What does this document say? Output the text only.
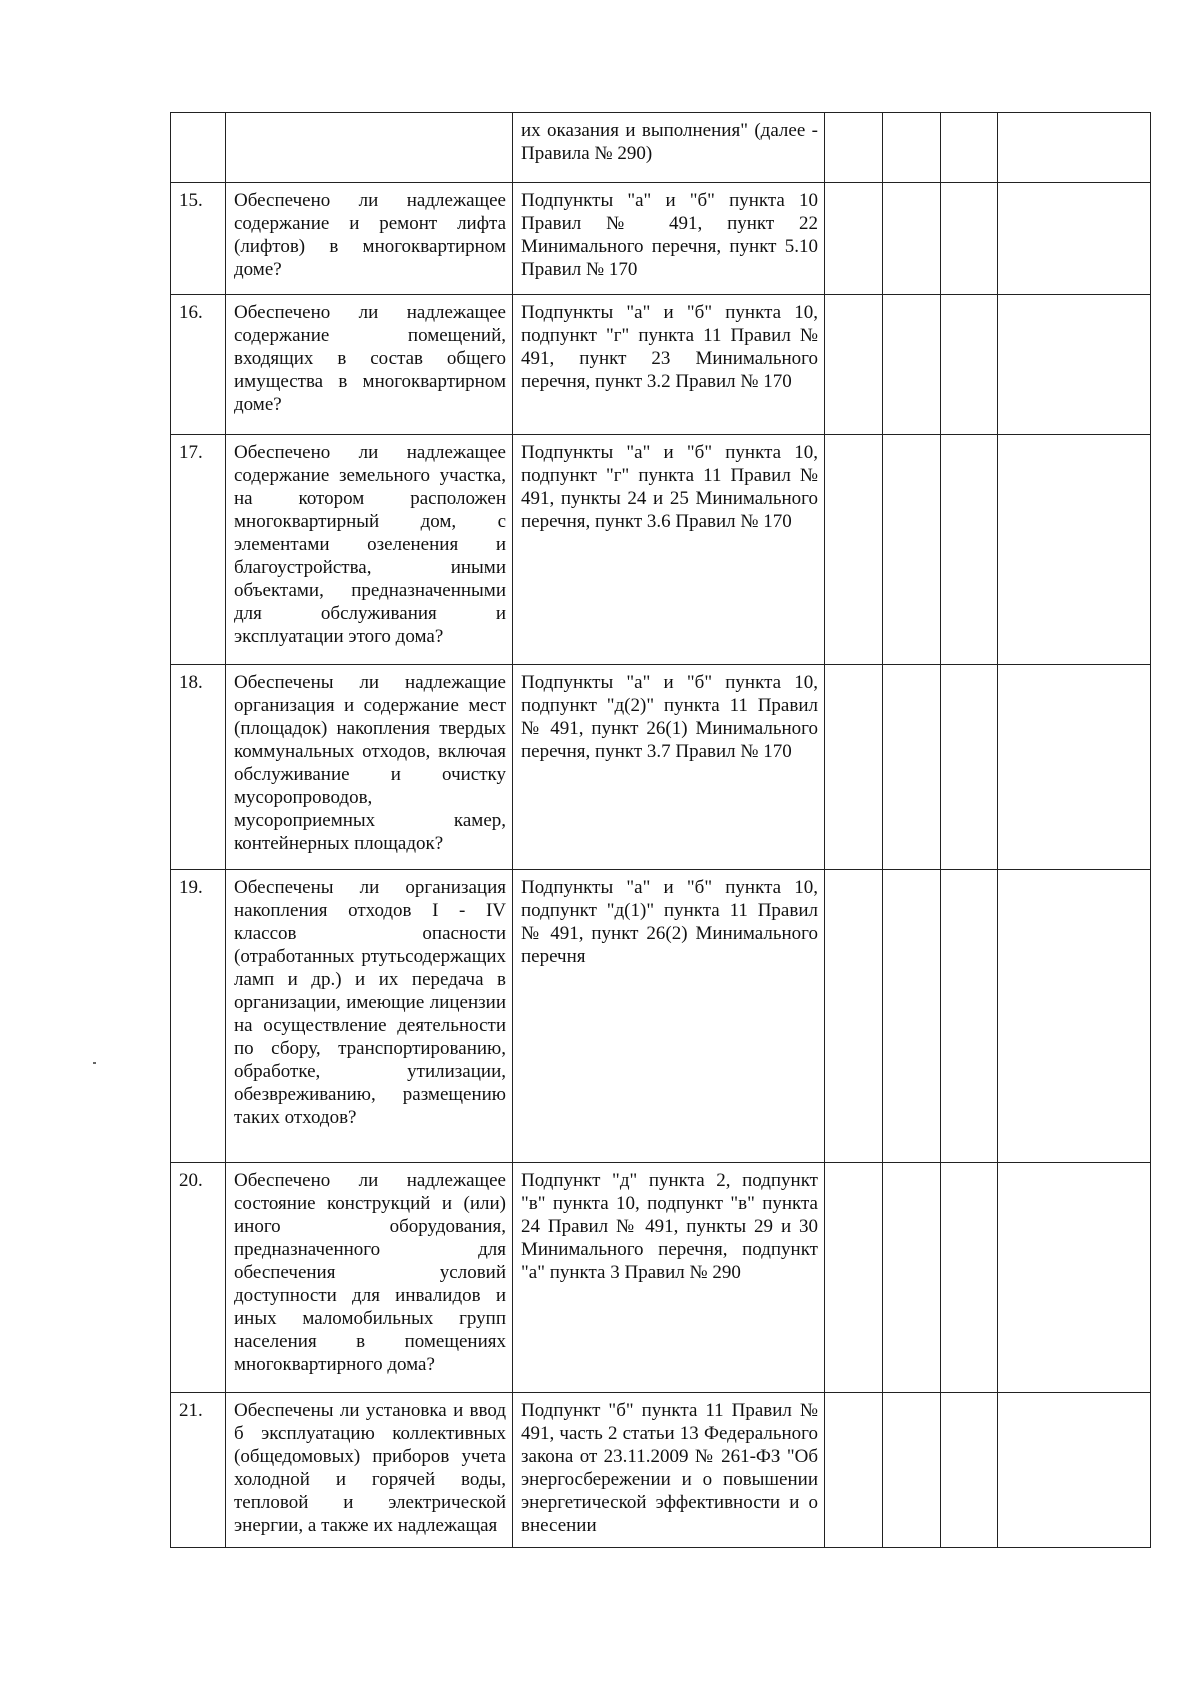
		их оказания и выполнения" (далее - Правила № 290)				
15.	Обеспечено ли надлежащее содержание и ремонт лифта (лифтов) в многоквартирном доме?	Подпункты "а" и "б" пункта 10 Правил № 491, пункт 22 Минимального перечня, пункт 5.10 Правил № 170				
16.	Обеспечено ли надлежащее содержание помещений, входящих в состав общего имущества в многоквартирном доме?	Подпункты "а" и "б" пункта 10, подпункт "г" пункта 11 Правил № 491, пункт 23 Минимального перечня, пункт 3.2 Правил № 170				
17.	Обеспечено ли надлежащее содержание земельного участка, на котором расположен многоквартирный дом, с элементами озеленения и благоустройства, иными объектами, предназначенными для обслуживания и эксплуатации этого дома?	Подпункты "а" и "б" пункта 10, подпункт "г" пункта 11 Правил № 491, пункты 24 и 25 Минимального перечня, пункт 3.6 Правил № 170				
18.	Обеспечены ли надлежащие организация и содержание мест (площадок) накопления твердых коммунальных отходов, включая обслуживание и очистку мусоропроводов, мусороприемных камер, контейнерных площадок?	Подпункты "а" и "б" пункта 10, подпункт "д(2)" пункта 11 Правил № 491, пункт 26(1) Минимального перечня, пункт 3.7 Правил № 170				
19.	Обеспечены ли организация накопления отходов I - IV классов опасности (отработанных ртутьсодержащих ламп и др.) и их передача в организации, имеющие лицензии на осуществление деятельности по сбору, транспортированию, обработке, утилизации, обезвреживанию, размещению таких отходов?	Подпункты "а" и "б" пункта 10, подпункт "д(1)" пункта 11 Правил № 491, пункт 26(2) Минимального перечня				
20.	Обеспечено ли надлежащее состояние конструкций и (или) иного оборудования, предназначенного для обеспечения условий доступности для инвалидов и иных маломобильных групп населения в помещениях многоквартирного дома?	Подпункт "д" пункта 2, подпункт "в" пункта 10, подпункт "в" пункта 24 Правил № 491, пункты 29 и 30 Минимального перечня, подпункт "а" пункта 3 Правил № 290				
21.	Обеспечены ли установка и ввод б эксплуатацию коллективных (общедомовых) приборов учета холодной и горячей воды, тепловой и электрической энергии, а также их надлежащая	Подпункт "б" пункта 11 Правил № 491, часть 2 статьи 13 Федерального закона от 23.11.2009 № 261-ФЗ "Об энергосбережении и о повышении энергетической эффективности и о внесении				
